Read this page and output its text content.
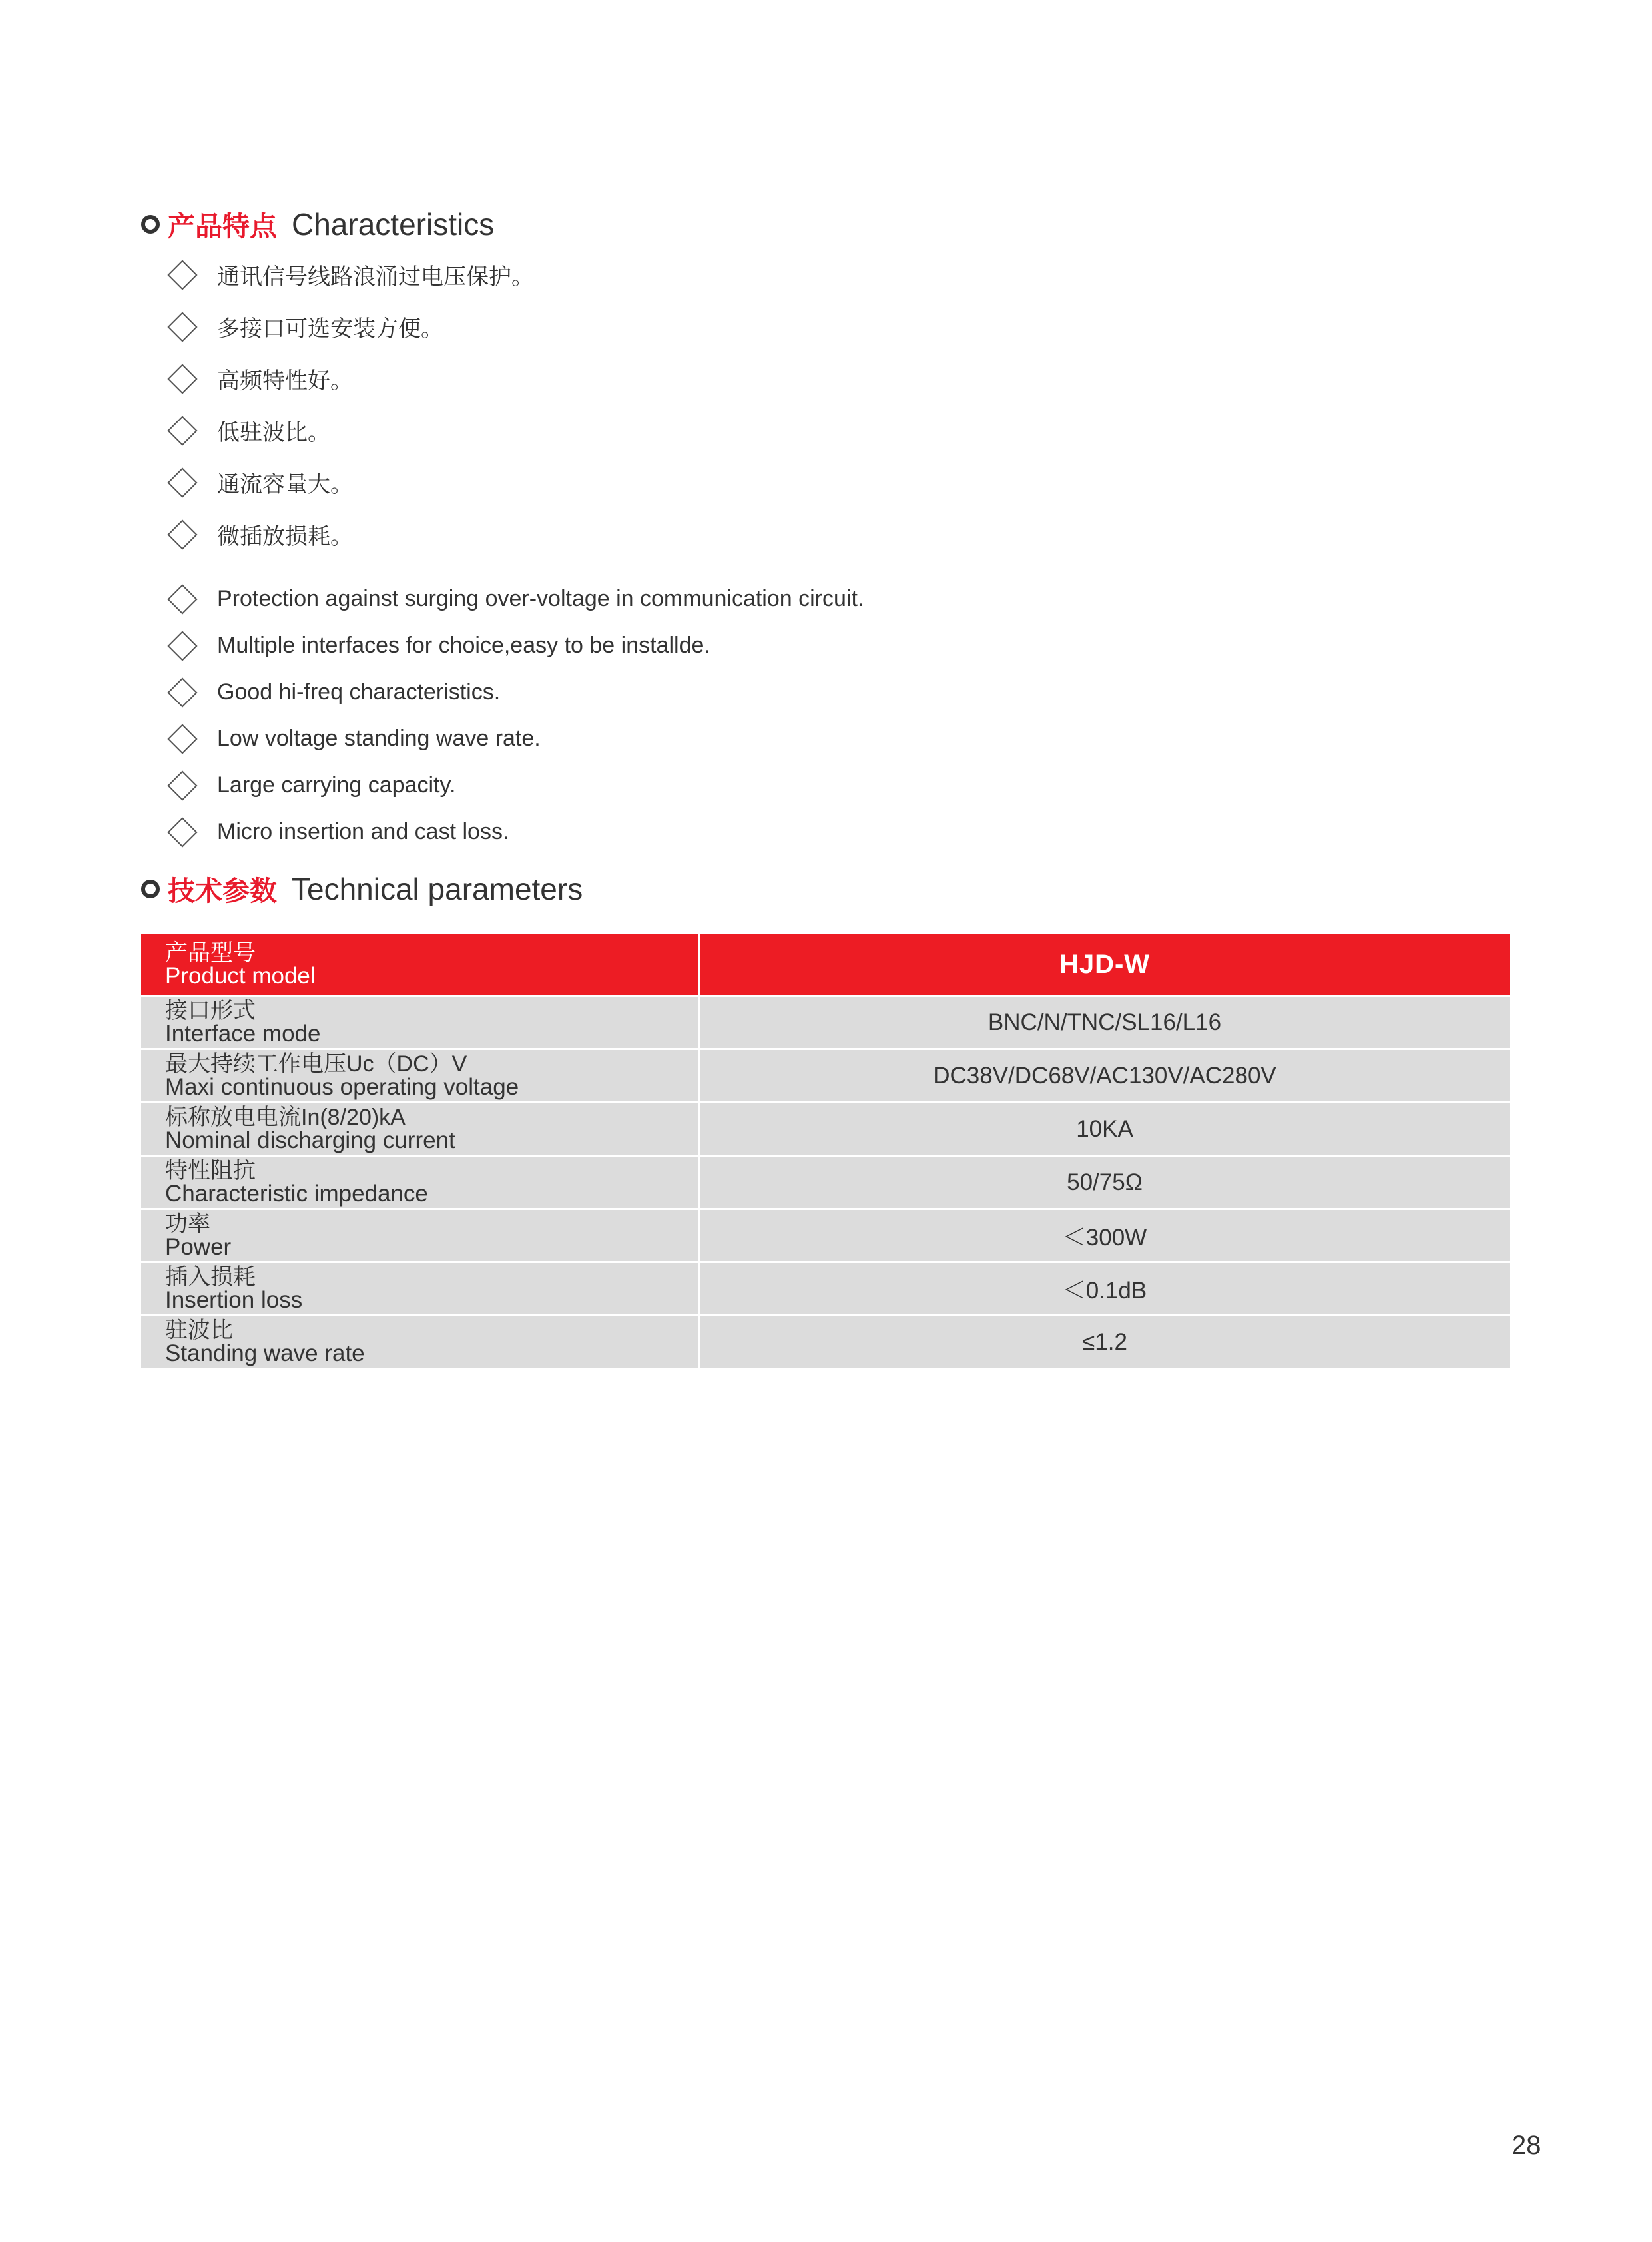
产品特点 Characteristics
通讯信号线路浪涌过电压保护。
多接口可选安装方便。
高频特性好。
低驻波比。
通流容量大。
微插放损耗。
Protection against surging over-voltage in communication circuit.
Multiple interfaces for choice,easy to be installde.
Good hi-freq characteristics.
Low voltage standing wave rate.
Large carrying capacity.
Micro insertion and cast loss.
技术参数 Technical parameters
产品型号
Product model	HJD-W
接口形式
Interface mode	BNC/N/TNC/SL16/L16
最大持续工作电压Uc（DC）V
Maxi continuous operating voltage	DC38V/DC68V/AC130V/AC280V
标称放电电流In(8/20)kA
Nominal discharging current	10KA
特性阻抗
Characteristic impedance	50/75Ω
功率
Power	＜300W
插入损耗
Insertion loss	＜0.1dB
驻波比
Standing wave rate	≤1.2
28
